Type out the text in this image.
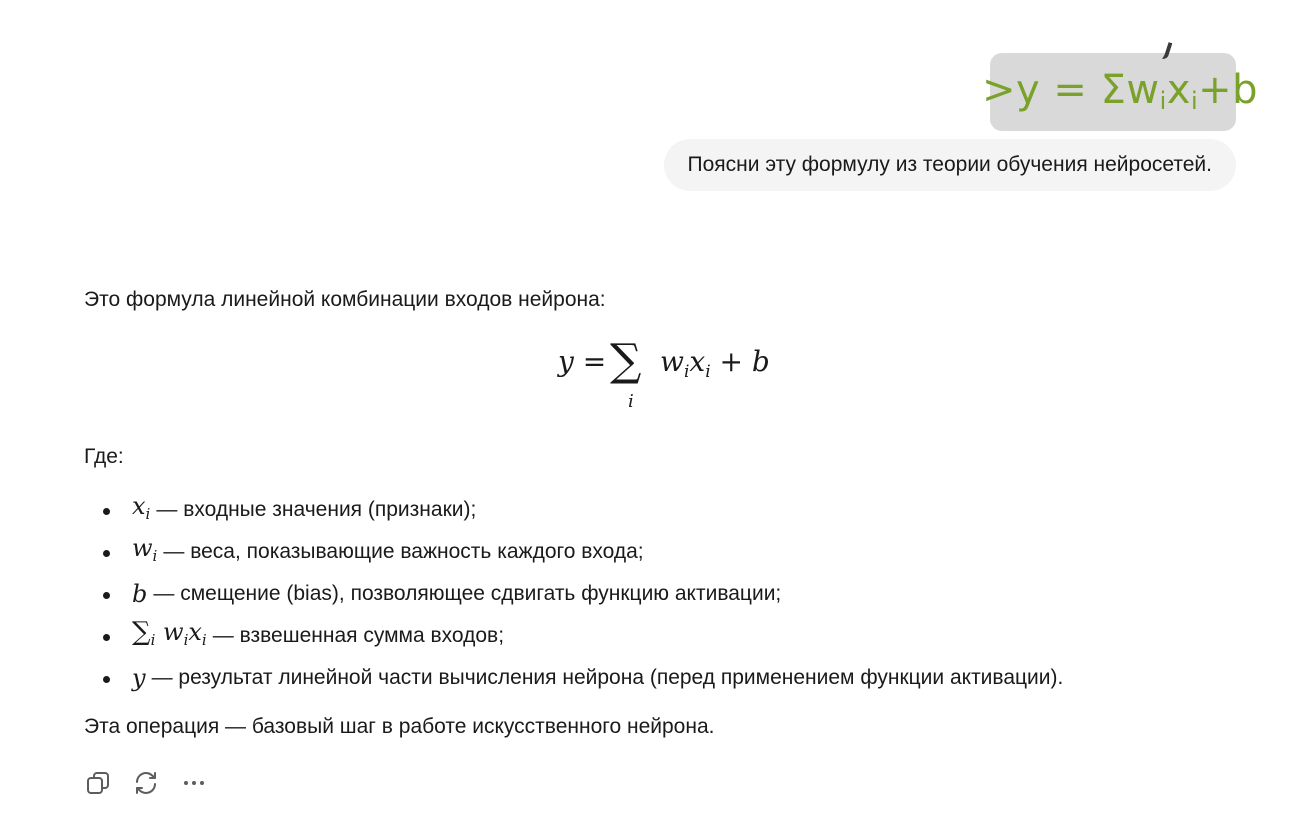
$>y = \Sigma w_ix_i+b$
Поясни эту формулу из теории обучения нейросетей.

Это формула линейной комбинации входов нейрона:

y = ∑
i
$w_ix_i + b$

Где:

$x_i$ — входные значения (признаки);
$w_i$ — веса, показывающие важность каждого входа;
b — смещение (bias), позволяющее сдвигать функцию активации;
$\sum_i$ $w_ix_i$ — взвешенная сумма входов;
y — результат линейной части вычисления нейрона (перед применением функции активации).

Эта операция — базовый шаг в работе искусственного нейрона.
